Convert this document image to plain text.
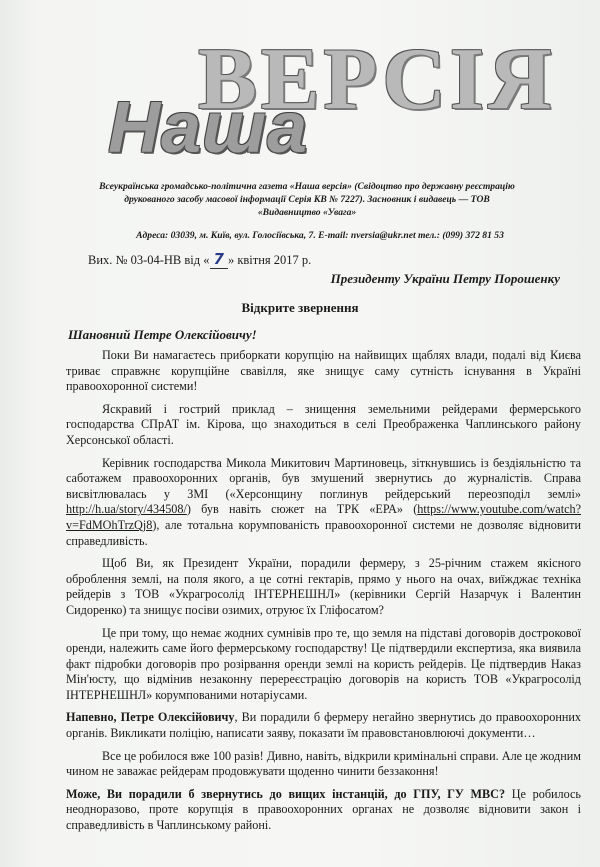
ВЕРСІЯ
Наша
Всеукраїнська громадсько-політична газета «Наша версія» (Свідоцтво про державну реєстрацію друкованого засобу масової інформації Серія КВ № 7227). Засновник і видавець — ТОВ «Видавництво «Увага»
Адреса: 03039, м. Київ, вул. Голосіївська, 7. E-mail: nversia@ukr.net тел.: (099) 372 81 53
Вих. № 03-04-НВ від « 7 » квітня 2017 р.
Президенту України Петру Порошенку
Відкрите звернення
Шановний Петре Олексійовичу!

Поки Ви намагаєтесь приборкати корупцію на найвищих щаблях влади, подалі від Києва триває справжнє корупційне свавілля, яке знищує саму сутність існування в Україні правоохоронної системи!

Яскравий і гострий приклад – знищення земельними рейдерами фермерського господарства СПрАТ ім. Кірова, що знаходиться в селі Преображенка Чаплинського району Херсонської області.

Керівник господарства Микола Микитович Мартиновець, зіткнувшись із бездіяльністю та саботажем правоохоронних органів, був змушений звернутись до журналістів. Справа висвітлювалась у ЗМІ («Херсонщину поглинув рейдерський переозподіл землі» http://h.ua/story/434508/) був навіть сюжет на ТРК «ЕРА» (https://www.youtube.com/watch?v=FdMOhTrzQj8), але тотальна корумпованість правоохоронної системи не дозволяє відновити справедливість.

Щоб Ви, як Президент України, порадили фермеру, з 25-річним стажем якісного оброблення землі, на поля якого, а це сотні гектарів, прямо у нього на очах, виїжджає техніка рейдерів з ТОВ «Украгросолід ІНТЕРНЕШНЛ» (керівники Сергій Назарчук і Валентин Сидоренко) та знищує посіви озимих, отруює їх Гліфосатом?

Це при тому, що немає жодних сумнівів про те, що земля на підставі договорів дострокової оренди, належить саме його фермерському господарству! Це підтвердили експертиза, яка виявила факт підробки договорів про розірвання оренди землі на користь рейдерів. Це підтвердив Наказ Мін'юсту, що відмінив незаконну перереєстрацію договорів на користь ТОВ «Украгросолід ІНТЕРНЕШНЛ» корумпованими нотаріусами.

Напевно, Петре Олексійовичу, Ви порадили б фермеру негайно звернутись до правоохоронних органів. Викликати поліцію, написати заяву, показати їм правовстановлюючі документи…

Все це робилося вже 100 разів! Дивно, навіть, відкрили кримінальні справи. Але це жодним чином не заважає рейдерам продовжувати щоденно чинити беззаконня!

Може, Ви порадили б звернутись до вищих інстанцій, до ГПУ, ГУ МВС? Це робилось неодноразово, проте корупція в правоохоронних органах не дозволяє відновити закон і справедливість в Чаплинському районі.
